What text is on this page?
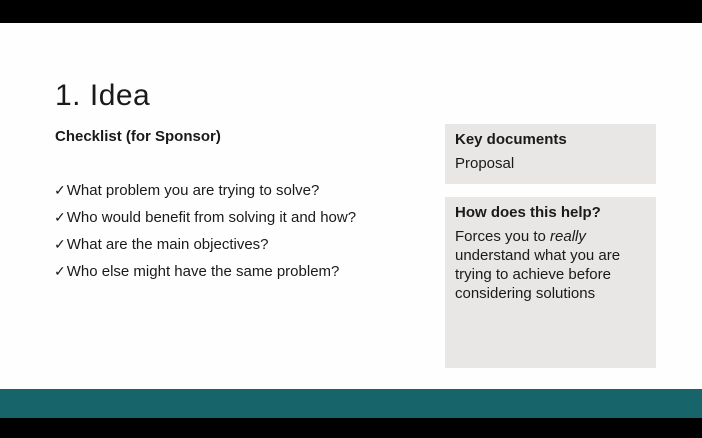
1. Idea
Checklist (for Sponsor)
✓What problem you are trying to solve?
✓Who would benefit from solving it and how?
✓What are the main objectives?
✓Who else might have the same problem?

Key documents

Proposal

How does this help?

Forces you to really understand what you are trying to achieve before considering solutions
